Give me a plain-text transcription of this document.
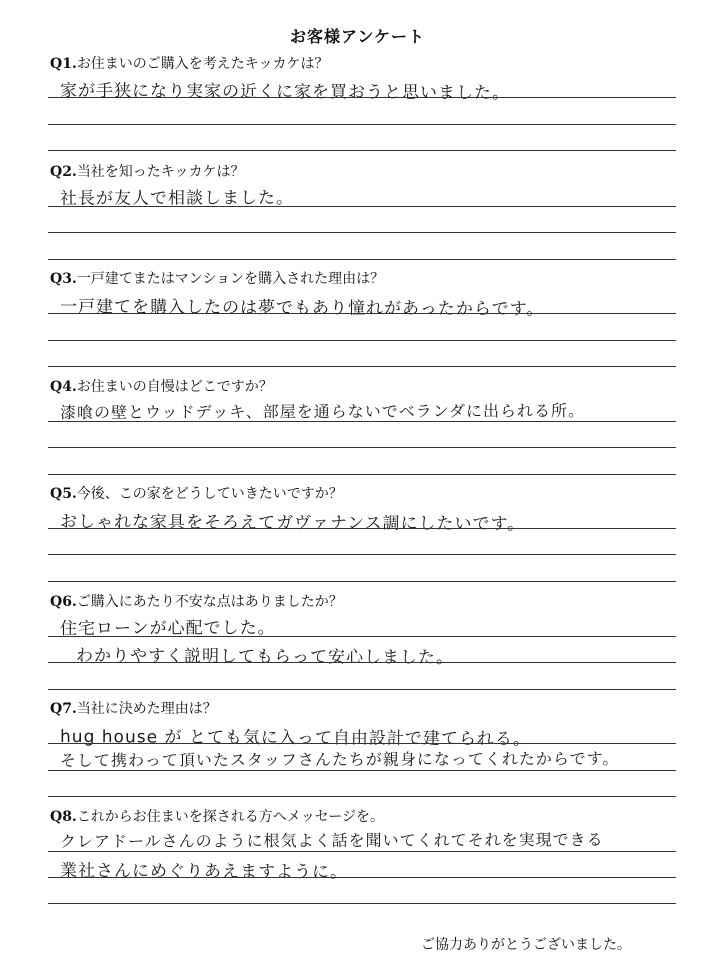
お客様アンケート
Q1.お住まいのご購入を考えたキッカケは？
家が手狭になり実家の近くに家を買おうと思いました。
Q2.当社を知ったキッカケは？
社長が友人で相談しました。
Q3.一戸建てまたはマンションを購入された理由は？
一戸建てを購入したのは夢でもあり憧れがあったからです。
Q4.お住まいの自慢はどこですか？
漆喰の壁とウッドデッキ、部屋を通らないでベランダに出られる所。
Q5.今後、この家をどうしていきたいですか？
おしゃれな家具をそろえてガヴァナンス調にしたいです。
Q6.ご購入にあたり不安な点はありましたか？
住宅ローンが心配でした。
わかりやすく説明してもらって安心しました。
Q7.当社に決めた理由は？
hug house が とても気に入って自由設計で建てられる。
そして携わって頂いたスタッフさんたちが親身になってくれたからです。
Q8.これからお住まいを探される方へメッセージを。
クレアドールさんのように根気よく話を聞いてくれてそれを実現できる
業社さんにめぐりあえますように。
ご協力ありがとうございました。
